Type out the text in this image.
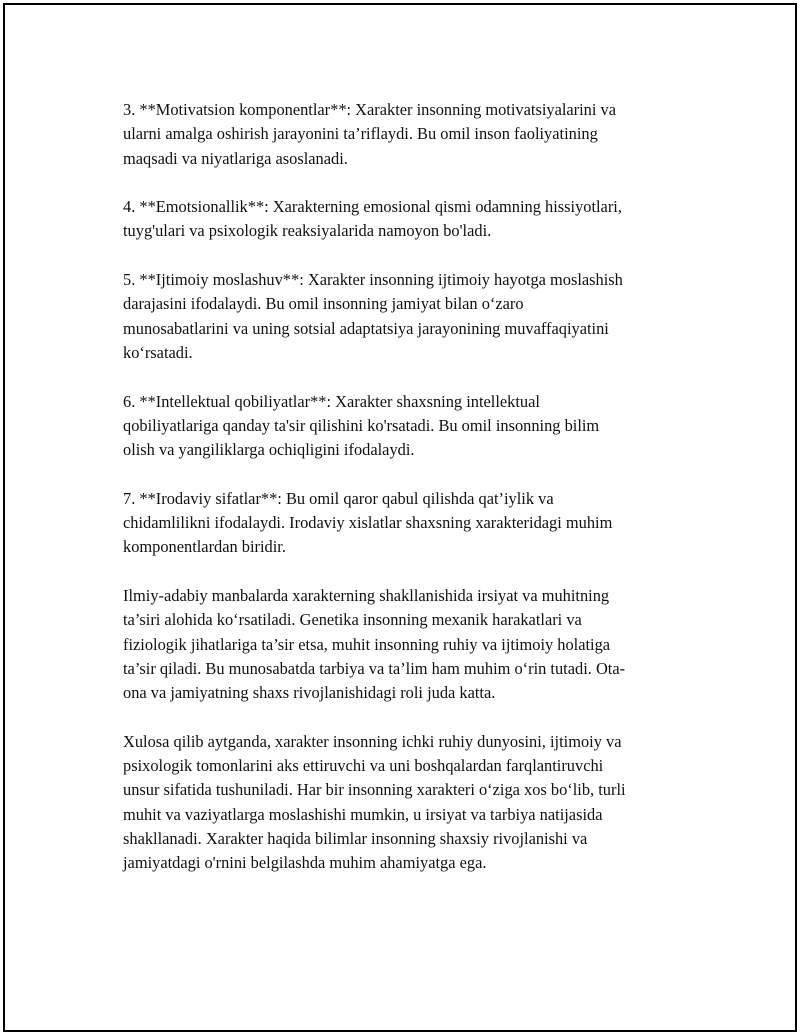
3. **Motivatsion komponentlar**: Xarakter insonning motivatsiyalarini va
ularni amalga oshirish jarayonini ta’riflaydi. Bu omil inson faoliyatining
maqsadi va niyatlariga asoslanadi.

4. **Emotsionallik**: Xarakterning emosional qismi odamning hissiyotlari,
tuyg'ulari va psixologik reaksiyalarida namoyon bo'ladi.

5. **Ijtimoiy moslashuv**: Xarakter insonning ijtimoiy hayotga moslashish
darajasini ifodalaydi. Bu omil insonning jamiyat bilan o‘zaro
munosabatlarini va uning sotsial adaptatsiya jarayonining muvaffaqiyatini
ko‘rsatadi.

6. **Intellektual qobiliyatlar**: Xarakter shaxsning intellektual
qobiliyatlariga qanday ta'sir qilishini ko'rsatadi. Bu omil insonning bilim
olish va yangiliklarga ochiqligini ifodalaydi.

7. **Irodaviy sifatlar**: Bu omil qaror qabul qilishda qat’iylik va
chidamlilikni ifodalaydi. Irodaviy xislatlar shaxsning xarakteridagi muhim
komponentlardan biridir.

Ilmiy-adabiy manbalarda xarakterning shakllanishida irsiyat va muhitning
ta’siri alohida ko‘rsatiladi. Genetika insonning mexanik harakatlari va
fiziologik jihatlariga ta’sir etsa, muhit insonning ruhiy va ijtimoiy holatiga
ta’sir qiladi. Bu munosabatda tarbiya va ta’lim ham muhim o‘rin tutadi. Ota-
ona va jamiyatning shaxs rivojlanishidagi roli juda katta.

Xulosa qilib aytganda, xarakter insonning ichki ruhiy dunyosini, ijtimoiy va
psixologik tomonlarini aks ettiruvchi va uni boshqalardan farqlantiruvchi
unsur sifatida tushuniladi. Har bir insonning xarakteri o‘ziga xos bo‘lib, turli
muhit va vaziyatlarga moslashishi mumkin, u irsiyat va tarbiya natijasida
shakllanadi. Xarakter haqida bilimlar insonning shaxsiy rivojlanishi va
jamiyatdagi o'rnini belgilashda muhim ahamiyatga ega.
